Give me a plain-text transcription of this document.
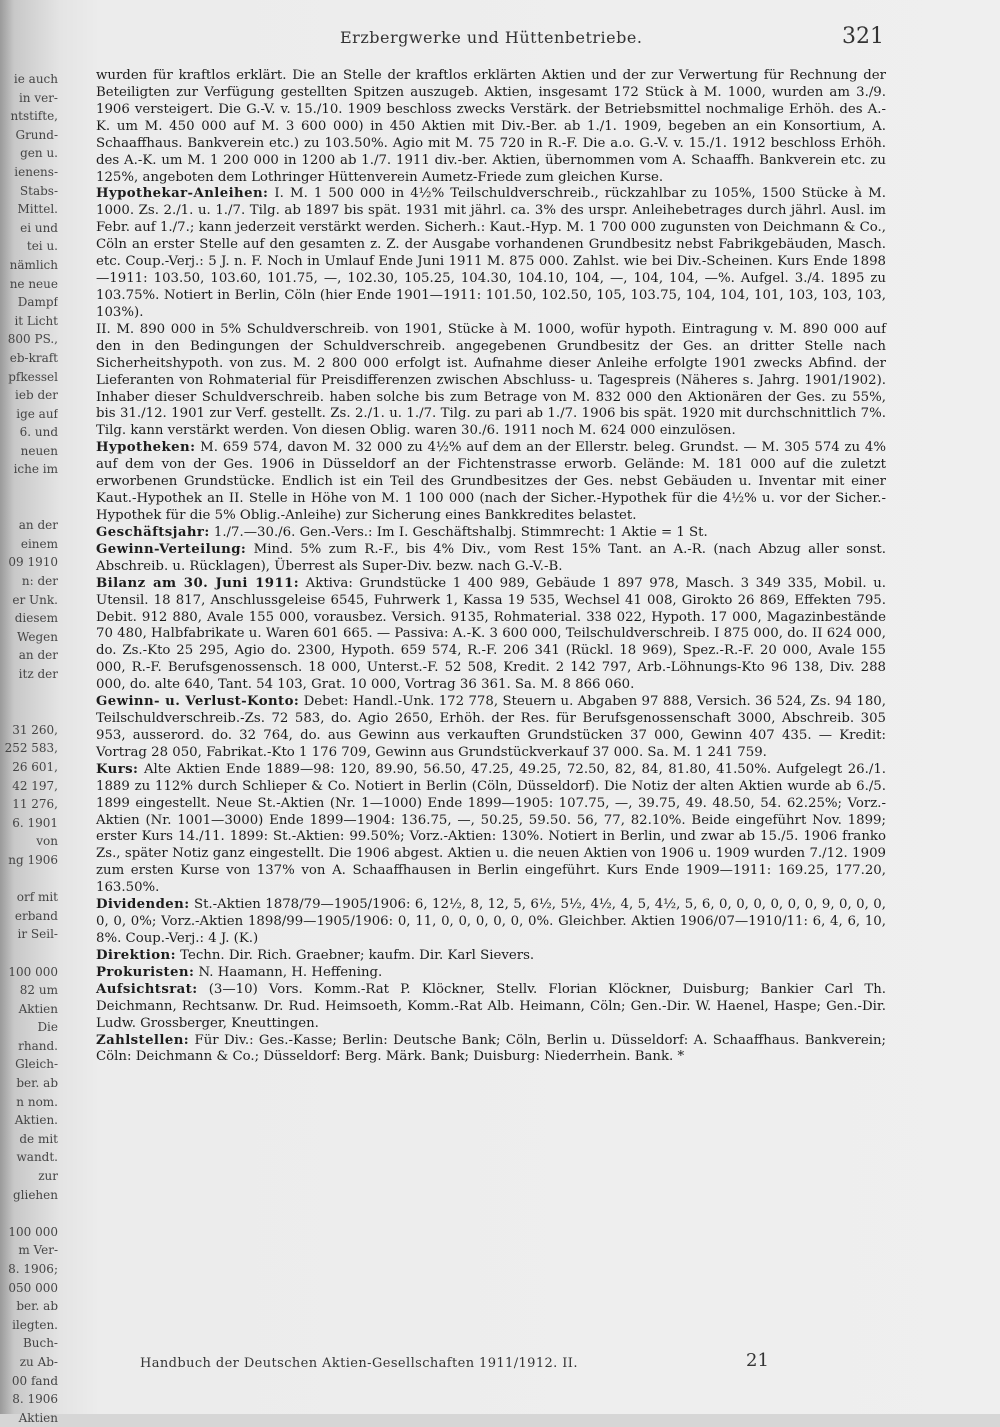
ie auch
in ver-
ntstifte,
Grund-
gen u.
ienens-
Stabs-
Mittel.
ei und
tei u.
nämlich
ne neue
Dampf
it Licht
800 PS.,
eb-kraft
pfkessel
ieb der
ige auf
6. und
neuen
iche im
an der
einem
09 1910
n: der
er Unk.
diesem
Wegen
an der
itz der
31 260,
252 583,
26 601,
42 197,
11 276,
6. 1901
von
ng 1906
orf mit
erband
ir Seil-
100 000
82 um
Aktien
Die
rhand.
Gleich-
ber. ab
n nom.
Aktien.
de mit
wandt.
zur
gliehen
100 000
m Ver-
8. 1906;
050 000
ber. ab
ilegten.
Buch-
zu Ab-
00 fand
8. 1906
Aktien
Erzbergwerke und Hüttenbetriebe.	321

wurden für kraftlos erklärt. Die an Stelle der kraftlos erklärten Aktien und der zur Verwertung für Rechnung der Beteiligten zur Verfügung gestellten Spitzen auszugeb. Aktien, insgesamt 172 Stück à M. 1000, wurden am 3./9. 1906 versteigert. Die G.-V. v. 15./10. 1909 beschloss zwecks Verstärk. der Betriebsmittel nochmalige Erhöh. des A.-K. um M. 450 000 auf M. 3 600 000) in 450 Aktien mit Div.-Ber. ab 1./1. 1909, begeben an ein Konsortium, A. Schaaffhaus. Bankverein etc.) zu 103.50%. Agio mit M. 75 720 in R.-F. Die a.o. G.-V. v. 15./1. 1912 beschloss Erhöh. des A.-K. um M. 1 200 000 in 1200 ab 1./7. 1911 div.-ber. Aktien, übernommen vom A. Schaaffh. Bankverein etc. zu 125%, angeboten dem Lothringer Hüttenverein Aumetz-Friede zum gleichen Kurse.

Hypothekar-Anleihen: I. M. 1 500 000 in 4½% Teilschuldverschreib., rückzahlbar zu 105%, 1500 Stücke à M. 1000. Zs. 2./1. u. 1./7. Tilg. ab 1897 bis spät. 1931 mit jährl. ca. 3% des urspr. Anleihebetrages durch jährl. Ausl. im Febr. auf 1./7.; kann jederzeit verstärkt werden. Sicherh.: Kaut.-Hyp. M. 1 700 000 zugunsten von Deichmann & Co., Cöln an erster Stelle auf den gesamten z. Z. der Ausgabe vorhandenen Grundbesitz nebst Fabrikgebäuden, Masch. etc. Coup.-Verj.: 5 J. n. F. Noch in Umlauf Ende Juni 1911 M. 875 000. Zahlst. wie bei Div.-Scheinen. Kurs Ende 1898—1911: 103.50, 103.60, 101.75, —, 102.30, 105.25, 104.30, 104.10, 104, —, 104, 104, —%. Aufgel. 3./4. 1895 zu 103.75%. Notiert in Berlin, Cöln (hier Ende 1901—1911: 101.50, 102.50, 105, 103.75, 104, 104, 101, 103, 103, 103, 103%).

II. M. 890 000 in 5% Schuldverschreib. von 1901, Stücke à M. 1000, wofür hypoth. Eintragung v. M. 890 000 auf den in den Bedingungen der Schuldverschreib. angegebenen Grundbesitz der Ges. an dritter Stelle nach Sicherheitshypoth. von zus. M. 2 800 000 erfolgt ist. Aufnahme dieser Anleihe erfolgte 1901 zwecks Abfind. der Lieferanten von Rohmaterial für Preisdifferenzen zwischen Abschluss- u. Tagespreis (Näheres s. Jahrg. 1901/1902). Inhaber dieser Schuldverschreib. haben solche bis zum Betrage von M. 832 000 den Aktionären der Ges. zu 55%, bis 31./12. 1901 zur Verf. gestellt. Zs. 2./1. u. 1./7. Tilg. zu pari ab 1./7. 1906 bis spät. 1920 mit durchschnittlich 7%. Tilg. kann verstärkt werden. Von diesen Oblig. waren 30./6. 1911 noch M. 624 000 einzulösen.

Hypotheken: M. 659 574, davon M. 32 000 zu 4½% auf dem an der Ellerstr. beleg. Grundst. — M. 305 574 zu 4% auf dem von der Ges. 1906 in Düsseldorf an der Fichtenstrasse erworb. Gelände: M. 181 000 auf die zuletzt erworbenen Grundstücke. Endlich ist ein Teil des Grundbesitzes der Ges. nebst Gebäuden u. Inventar mit einer Kaut.-Hypothek an II. Stelle in Höhe von M. 1 100 000 (nach der Sicher.-Hypothek für die 4½% u. vor der Sicher.-Hypothek für die 5% Oblig.-Anleihe) zur Sicherung eines Bankkredites belastet.

Geschäftsjahr: 1./7.—30./6. Gen.-Vers.: Im I. Geschäftshalbj. Stimmrecht: 1 Aktie = 1 St.

Gewinn-Verteilung: Mind. 5% zum R.-F., bis 4% Div., vom Rest 15% Tant. an A.-R. (nach Abzug aller sonst. Abschreib. u. Rücklagen), Überrest als Super-Div. bezw. nach G.-V.-B.

Bilanz am 30. Juni 1911: Aktiva: Grundstücke 1 400 989, Gebäude 1 897 978, Masch. 3 349 335, Mobil. u. Utensil. 18 817, Anschlussgeleise 6545, Fuhrwerk 1, Kassa 19 535, Wechsel 41 008, Giroktо 26 869, Effekten 795. Debit. 912 880, Avale 155 000, vorausbez. Versich. 9135, Rohmaterial. 338 022, Hypoth. 17 000, Magazinbestände 70 480, Halbfabrikate u. Waren 601 665. — Passiva: A.-K. 3 600 000, Teilschuldverschreib. I 875 000, do. II 624 000, do. Zs.-Kto 25 295, Agio do. 2300, Hypoth. 659 574, R.-F. 206 341 (Rückl. 18 969), Spez.-R.-F. 20 000, Avale 155 000, R.-F. Berufsgenossensch. 18 000, Unterst.-F. 52 508, Kredit. 2 142 797, Arb.-Löhnungs-Kto 96 138, Div. 288 000, do. alte 640, Tant. 54 103, Grat. 10 000, Vortrag 36 361. Sa. M. 8 866 060.

Gewinn- u. Verlust-Konto: Debet: Handl.-Unk. 172 778, Steuern u. Abgaben 97 888, Versich. 36 524, Zs. 94 180, Teilschuldverschreib.-Zs. 72 583, do. Agio 2650, Erhöh. der Res. für Berufsgenossenschaft 3000, Abschreib. 305 953, ausserord. do. 32 764, do. aus Gewinn aus verkauften Grundstücken 37 000, Gewinn 407 435. — Kredit: Vortrag 28 050, Fabrikat.-Kto 1 176 709, Gewinn aus Grundstückverkauf 37 000. Sa. M. 1 241 759.

Kurs: Alte Aktien Ende 1889—98: 120, 89.90, 56.50, 47.25, 49.25, 72.50, 82, 84, 81.80, 41.50%. Aufgelegt 26./1. 1889 zu 112% durch Schlieper & Co. Notiert in Berlin (Cöln, Düsseldorf). Die Notiz der alten Aktien wurde ab 6./5. 1899 eingestellt. Neue St.-Aktien (Nr. 1—1000) Ende 1899—1905: 107.75, —, 39.75, 49. 48.50, 54. 62.25%; Vorz.-Aktien (Nr. 1001—3000) Ende 1899—1904: 136.75, —, 50.25, 59.50. 56, 77, 82.10%. Beide eingeführt Nov. 1899; erster Kurs 14./11. 1899: St.-Aktien: 99.50%; Vorz.-Aktien: 130%. Notiert in Berlin, und zwar ab 15./5. 1906 franko Zs., später Notiz ganz eingestellt. Die 1906 abgest. Aktien u. die neuen Aktien von 1906 u. 1909 wurden 7./12. 1909 zum ersten Kurse von 137% von A. Schaaffhausen in Berlin eingeführt. Kurs Ende 1909—1911: 169.25, 177.20, 163.50%.

Dividenden: St.-Aktien 1878/79—1905/1906: 6, 12½, 8, 12, 5, 6½, 5½, 4½, 4, 5, 4½, 5, 6, 0, 0, 0, 0, 0, 0, 9, 0, 0, 0, 0, 0, 0%; Vorz.-Aktien 1898/99—1905/1906: 0, 11, 0, 0, 0, 0, 0, 0%. Gleichber. Aktien 1906/07—1910/11: 6, 4, 6, 10, 8%. Coup.-Verj.: 4 J. (K.)

Direktion: Techn. Dir. Rich. Graebner; kaufm. Dir. Karl Sievers.

Prokuristen: N. Haamann, H. Heffening.

Aufsichtsrat: (3—10) Vors. Komm.-Rat P. Klöckner, Stellv. Florian Klöckner, Duisburg; Bankier Carl Th. Deichmann, Rechtsanw. Dr. Rud. Heimsoeth, Komm.-Rat Alb. Heimann, Cöln; Gen.-Dir. W. Haenel, Haspe; Gen.-Dir. Ludw. Grossberger, Kneuttingen.

Zahlstellen: Für Div.: Ges.-Kasse; Berlin: Deutsche Bank; Cöln, Berlin u. Düsseldorf: A. Schaaffhaus. Bankverein; Cöln: Deichmann & Co.; Düsseldorf: Berg. Märk. Bank; Duisburg: Niederrhein. Bank. *

Handbuch der Deutschen Aktien-Gesellschaften 1911/1912. II.	21
